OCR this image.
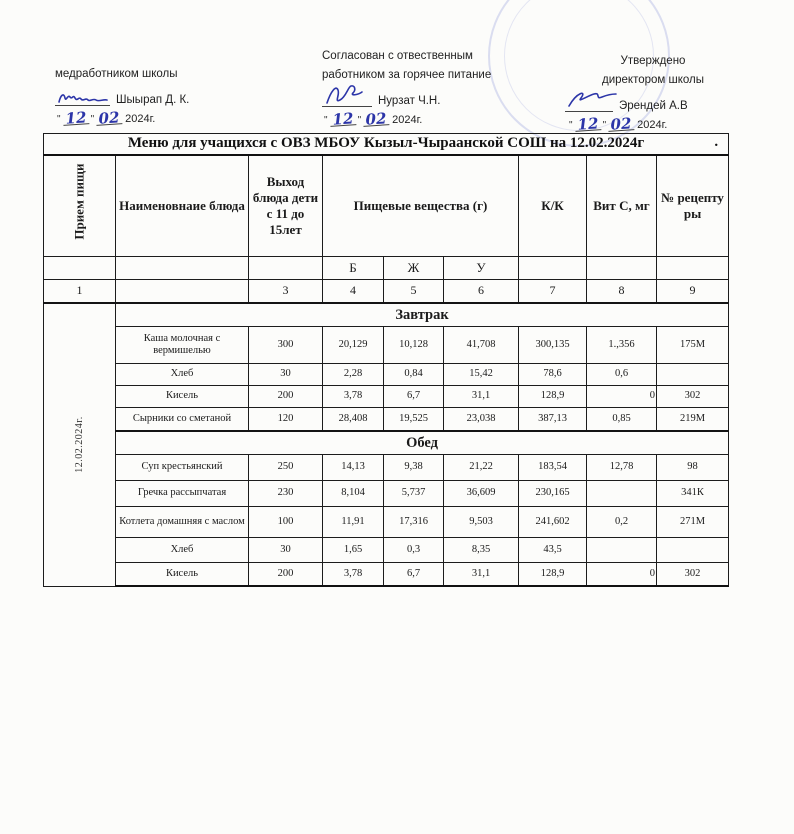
медработником школы
Шыырап Д. К.
" 12 " 02 2024г.
Согласован с отвественным
работником за горячее питание
Нурзат Ч.Н.
" 12 " 02 2024г.
Утверждено
директором школы
Эрендей А.В
" 12 " 02 2024г.
Меню для учащихся с ОВЗ МБОУ Кызыл-Чыраанской СОШ на 12.02.2024г .								

Прием пищи	Наименовнаие блюда	Выход блюда дети с 11 до 15лет	Пищевые вещества (г)			К/К	Вит С, мг	№ рецепту ры
			Б	Ж	У			
1		3	4	5	6	7	8	9

12.02.2024г.	Завтрак							
	Каша молочная с вермишелью	300	20,129	10,128	41,708	300,135	1.,356	175М
	Хлеб	30	2,28	0,84	15,42	78,6	0,6	
	Кисель	200	3,78	6,7	31,1	128,9	0	302
	Сырники со сметаной	120	28,408	19,525	23,038	387,13	0,85	219М
	Обед							
	Суп крестьянский	250	14,13	9,38	21,22	183,54	12,78	98
	Гречка рассыпчатая	230	8,104	5,737	36,609	230,165		341К
	Котлета домашняя с маслом	100	11,91	17,316	9,503	241,602	0,2	271М
	Хлеб	30	1,65	0,3	8,35	43,5		
	Кисель	200	3,78	6,7	31,1	128,9	0	302
